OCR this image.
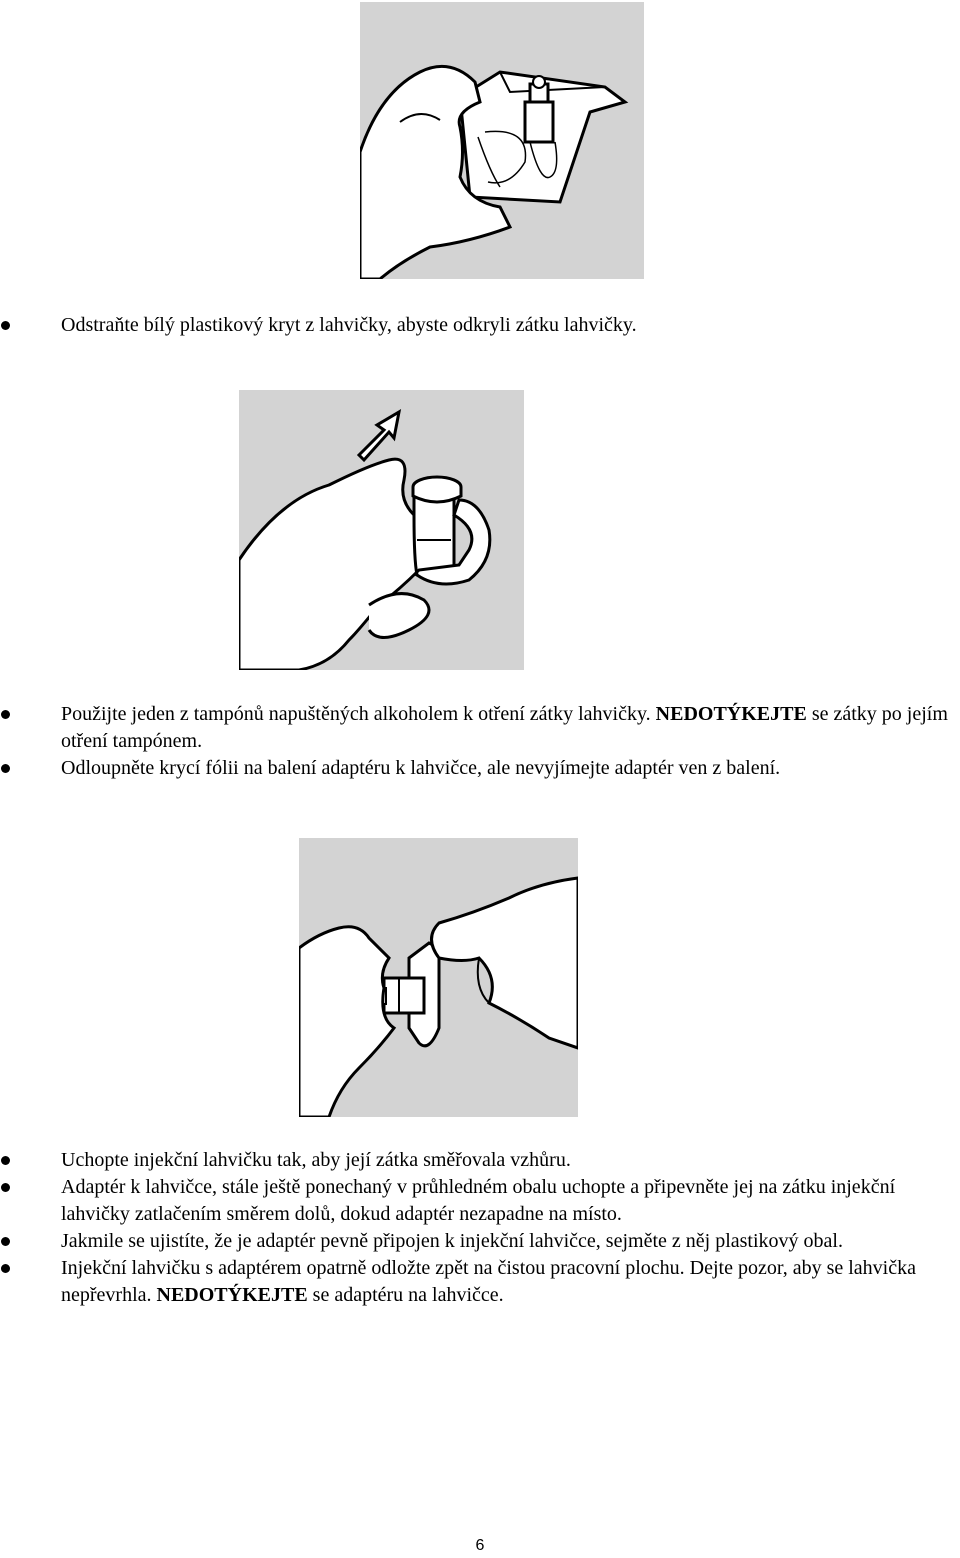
Odstraňte bílý plastikový kryt z lahvičky, abyste odkryli zátku lahvičky.
Použijte jeden z tampónů napuštěných alkoholem k otření zátky lahvičky. NEDOTÝKEJTE se zátky po jejím otření tampónem.
Odloupněte krycí fólii na balení adaptéru k lahvičce, ale nevyjímejte adaptér ven z balení.
Uchopte injekční lahvičku tak, aby její zátka směřovala vzhůru.
Adaptér k lahvičce, stále ještě ponechaný v průhledném obalu uchopte a připevněte jej na zátku injekční lahvičky zatlačením směrem dolů, dokud adaptér nezapadne na místo.
Jakmile se ujistíte, že je adaptér pevně připojen k injekční lahvičce, sejměte z něj plastikový obal.
Injekční lahvičku s adaptérem opatrně odložte zpět na čistou pracovní plochu. Dejte pozor, aby se lahvička nepřevrhla. NEDOTÝKEJTE se adaptéru na lahvičce.
6
